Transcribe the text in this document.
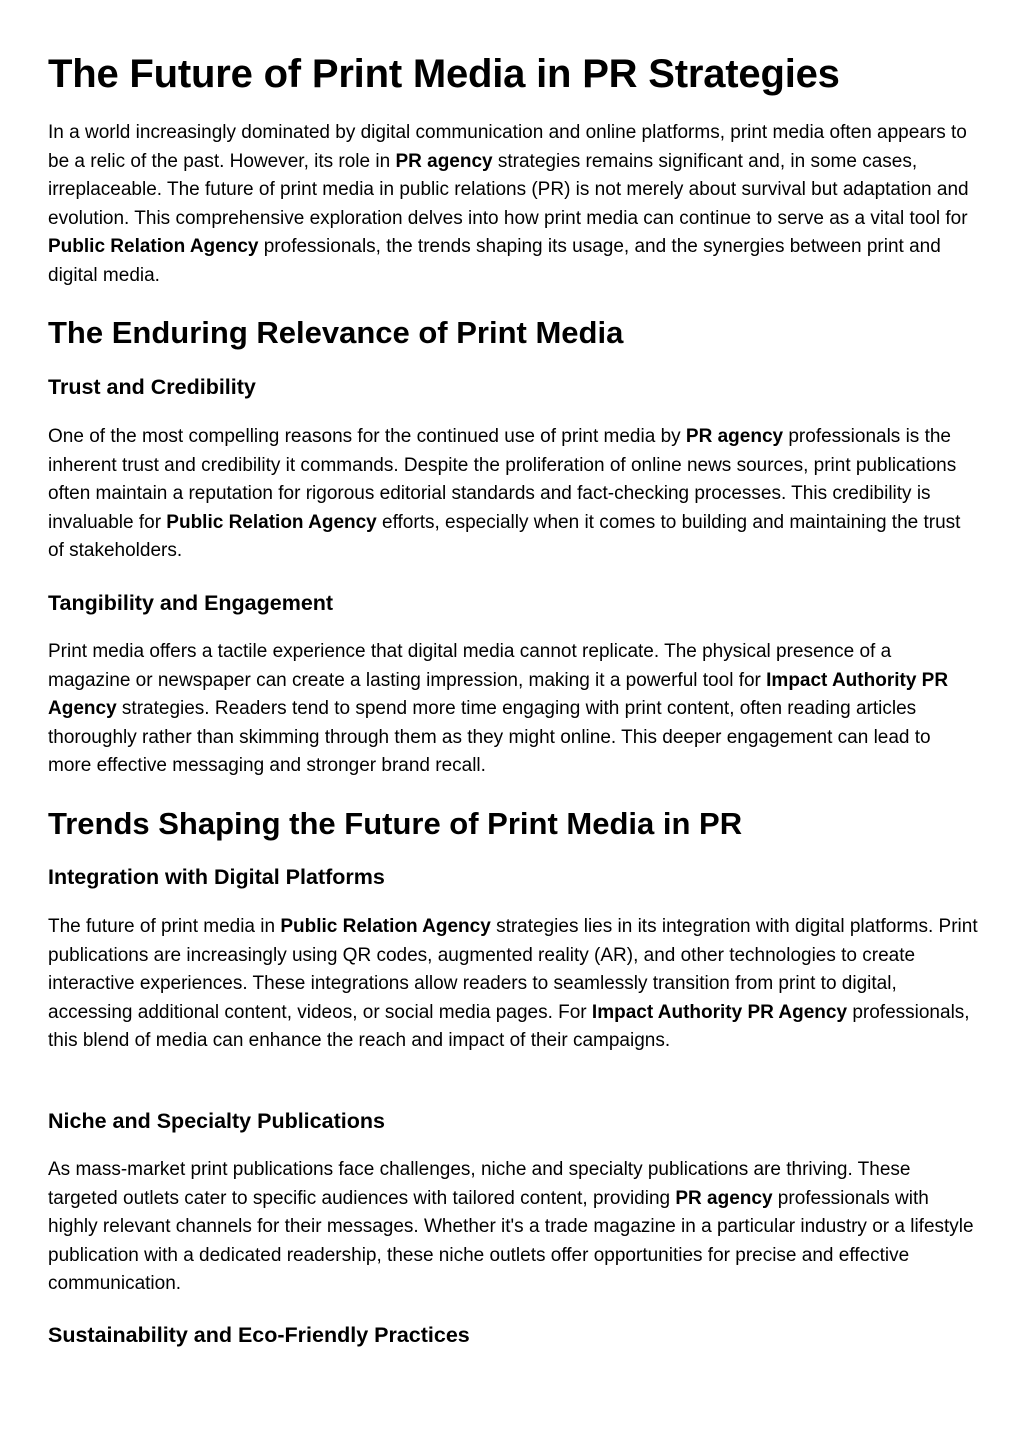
The Future of Print Media in PR Strategies

In a world increasingly dominated by digital communication and online platforms, print media often appears to be a relic of the past. However, its role in PR agency strategies remains significant and, in some cases, irreplaceable. The future of print media in public relations (PR) is not merely about survival but adaptation and evolution. This comprehensive exploration delves into how print media can continue to serve as a vital tool for Public Relation Agency professionals, the trends shaping its usage, and the synergies between print and digital media.

The Enduring Relevance of Print Media
Trust and Credibility

One of the most compelling reasons for the continued use of print media by PR agency professionals is the inherent trust and credibility it commands. Despite the proliferation of online news sources, print publications often maintain a reputation for rigorous editorial standards and fact-checking processes. This credibility is invaluable for Public Relation Agency efforts, especially when it comes to building and maintaining the trust of stakeholders.

Tangibility and Engagement

Print media offers a tactile experience that digital media cannot replicate. The physical presence of a magazine or newspaper can create a lasting impression, making it a powerful tool for Impact Authority PR Agency strategies. Readers tend to spend more time engaging with print content, often reading articles thoroughly rather than skimming through them as they might online. This deeper engagement can lead to more effective messaging and stronger brand recall.

Trends Shaping the Future of Print Media in PR
Integration with Digital Platforms

The future of print media in Public Relation Agency strategies lies in its integration with digital platforms. Print publications are increasingly using QR codes, augmented reality (AR), and other technologies to create interactive experiences. These integrations allow readers to seamlessly transition from print to digital, accessing additional content, videos, or social media pages. For Impact Authority PR Agency professionals, this blend of media can enhance the reach and impact of their campaigns.

Niche and Specialty Publications

As mass-market print publications face challenges, niche and specialty publications are thriving. These targeted outlets cater to specific audiences with tailored content, providing PR agency professionals with highly relevant channels for their messages. Whether it's a trade magazine in a particular industry or a lifestyle publication with a dedicated readership, these niche outlets offer opportunities for precise and effective communication.

Sustainability and Eco-Friendly Practices
